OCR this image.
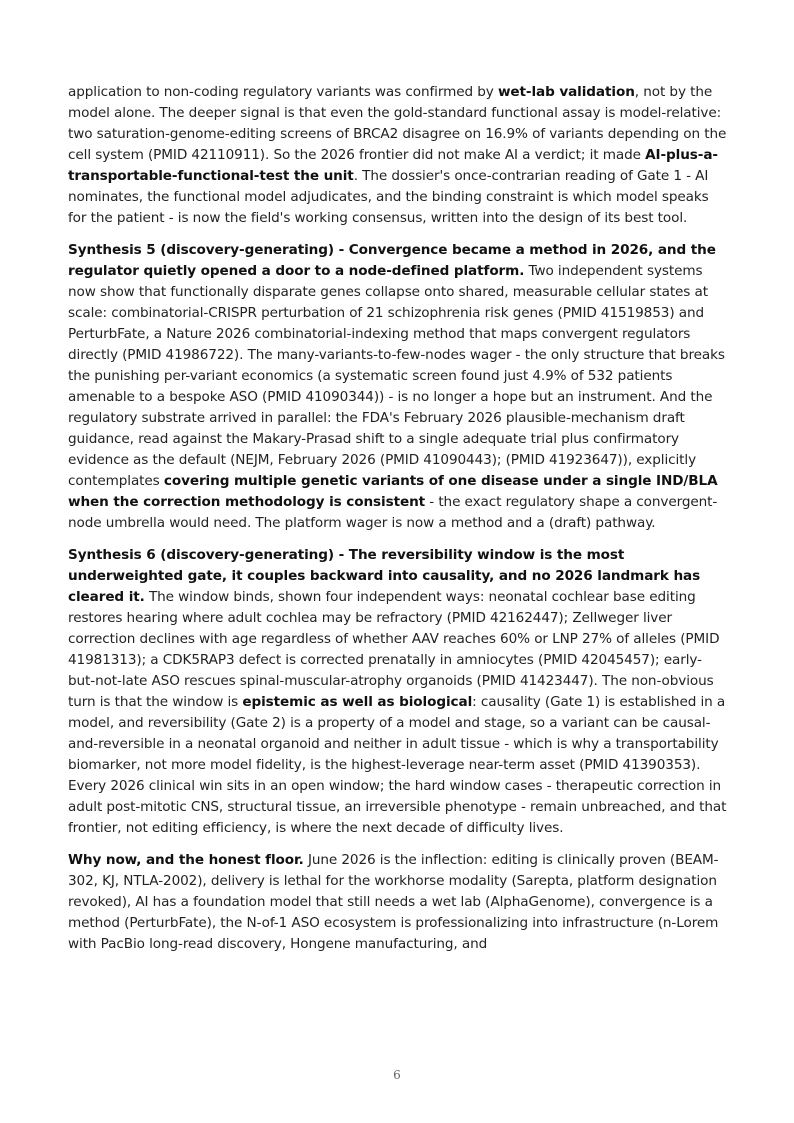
application to non-coding regulatory variants was confirmed by wet-lab validation, not by the model alone. The deeper signal is that even the gold-standard functional assay is model-relative: two saturation-genome-editing screens of BRCA2 disagree on 16.9% of variants depending on the cell system (PMID 42110911). So the 2026 frontier did not make AI a verdict; it made AI-plus-a-transportable-functional-test the unit. The dossier's once-contrarian reading of Gate 1 - AI nominates, the functional model adjudicates, and the binding constraint is which model speaks for the patient - is now the field's working consensus, written into the design of its best tool.

Synthesis 5 (discovery-generating) - Convergence became a method in 2026, and the regulator quietly opened a door to a node-defined platform. Two independent systems now show that functionally disparate genes collapse onto shared, measurable cellular states at scale: combinatorial-CRISPR perturbation of 21 schizophrenia risk genes (PMID 41519853) and PerturbFate, a Nature 2026 combinatorial-indexing method that maps convergent regulators directly (PMID 41986722). The many-variants-to-few-nodes wager - the only structure that breaks the punishing per-variant economics (a systematic screen found just 4.9% of 532 patients amenable to a bespoke ASO (PMID 41090344)) - is no longer a hope but an instrument. And the regulatory substrate arrived in parallel: the FDA's February 2026 plausible-mechanism draft guidance, read against the Makary-Prasad shift to a single adequate trial plus confirmatory evidence as the default (NEJM, February 2026 (PMID 41090443); (PMID 41923647)), explicitly contemplates covering multiple genetic variants of one disease under a single IND/BLA when the correction methodology is consistent - the exact regulatory shape a convergent-node umbrella would need. The platform wager is now a method and a (draft) pathway.

Synthesis 6 (discovery-generating) - The reversibility window is the most underweighted gate, it couples backward into causality, and no 2026 landmark has cleared it. The window binds, shown four independent ways: neonatal cochlear base editing restores hearing where adult cochlea may be refractory (PMID 42162447); Zellweger liver correction declines with age regardless of whether AAV reaches 60% or LNP 27% of alleles (PMID 41981313); a CDK5RAP3 defect is corrected prenatally in amniocytes (PMID 42045457); early-but-not-late ASO rescues spinal-muscular-atrophy organoids (PMID 41423447). The non-obvious turn is that the window is epistemic as well as biological: causality (Gate 1) is established in a model, and reversibility (Gate 2) is a property of a model and stage, so a variant can be causal-and-reversible in a neonatal organoid and neither in adult tissue - which is why a transportability biomarker, not more model fidelity, is the highest-leverage near-term asset (PMID 41390353). Every 2026 clinical win sits in an open window; the hard window cases - therapeutic correction in adult post-mitotic CNS, structural tissue, an irreversible phenotype - remain unbreached, and that frontier, not editing efficiency, is where the next decade of difficulty lives.

Why now, and the honest floor. June 2026 is the inflection: editing is clinically proven (BEAM-302, KJ, NTLA-2002), delivery is lethal for the workhorse modality (Sarepta, platform designation revoked), AI has a foundation model that still needs a wet lab (AlphaGenome), convergence is a method (PerturbFate), the N-of-1 ASO ecosystem is professionalizing into infrastructure (n-Lorem with PacBio long-read discovery, Hongene manufacturing, and

6
